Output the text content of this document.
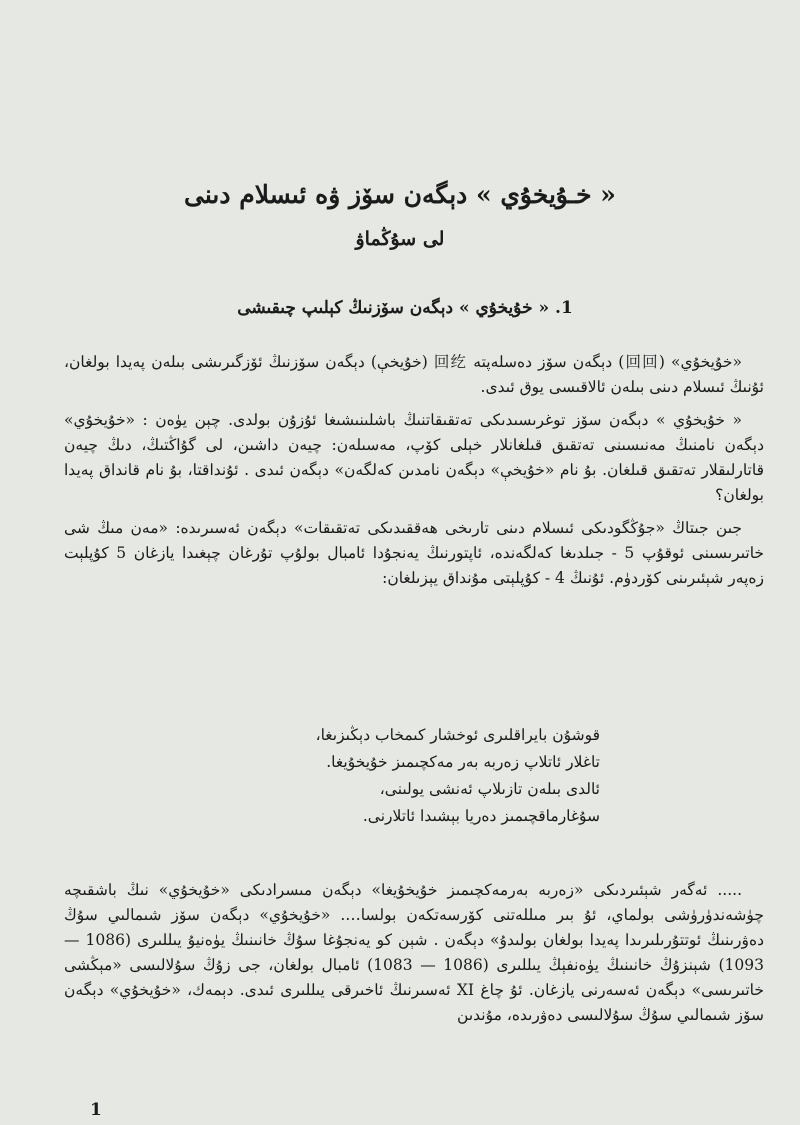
« خـۇيخۇي » دېگەن سۆز ۋە ئىسلام دىنى
لى سۇڭماۋ
1. « خۇيخۇي » دېگەن سۆزنىڭ كېلىپ چىقىشى

«خۇيخۇي» (回回) دېگەن سۆز دەسلەپتە 回纥 (خۇيخې) دېگەن سۆزنىڭ ئۆزگىرىشى بىلەن پەيدا بولغان، ئۇنىڭ ئىسلام دىنى بىلەن ئالاقىسى يوق ئىدى.

« خۇيخۇي » دېگەن سۆز توغرىسىدىكى تەتقىقاتنىڭ باشلىنىشىغا ئۇزۇن بولدى. چېن يۈەن : «خۇيخۇي» دېگەن نامنىڭ مەنىسىنى تەتقىق قىلغانلار خېلى كۆپ، مەسىلەن: چيەن داشىن، لى گۇاڭتىڭ، دىڭ چيەن قاتارلىقلار تەتقىق قىلغان. بۇ نام «خۇيخې» دېگەن نامدىن كەلگەن» دېگەن ئىدى . ئۇنداقتا، بۇ نام قانداق پەيدا بولغان؟

جىن جىتاڭ «جۇڭگودىكى ئىسلام دىنى تارىخى ھەققىدىكى تەتقىقات» دېگەن ئەسىرىدە: «مەن مىڭ شى خاتىرىسىنى ئوقۇپ 5 - جىلدىغا كەلگەندە، ئاپتورنىڭ يەنجۇدا ئامبال بولۇپ تۇرغان چېغىدا يازغان 5 كۇپلېت زەپەر شېئىرىنى كۆردۈم. ئۇنىڭ 4 - كۇپلېتى مۇنداق يېزىلغان:

قوشۇن بايراقلىرى ئوخشار كىمخاب دېڭىزىغا،
تاغلار ئاتلاپ زەربە بەر مەكچىمىز خۇيخۇيغا.
ئالدى بىلەن تازىلاپ ئەنشى يولىنى،
سۇغارماقچىمىز دەريا بېشىدا ئاتلارنى.

..... ئەگەر شېئىردىكى «زەربە بەرمەكچىمىز خۇيخۇيغا» دېگەن مىسرادىكى «خۇيخۇي» نىڭ باشقىچە چۈشەندۈرۈشى بولماي، ئۇ بىر مىللەتنى كۆرسەتكەن بولسا…. «خۇيخۇي» دېگەن سۆز شىمالىي سۇڭ دەۋرىنىڭ ئوتتۇرىلىرىدا پەيدا بولغان بولىدۇ» دېگەن . شېن كو يەنجۇغا سۇڭ خانىنىڭ يۈەنيۇ يىللىرى (1086 — 1093) شېنزۇڭ خانىنىڭ يۈەنفېڭ يىللىرى (1086 — 1083) ئامبال بولغان، جى زۇڭ سۇلالىسى «مېڭشى خاتىرىسى» دېگەن ئەسەرنى يازغان. ئۇ چاغ XI ئەسىرنىڭ ئاخىرقى يىللىرى ئىدى. دېمەك، «خۇيخۇي» دېگەن سۆز شىمالىي سۇڭ سۇلالىسى دەۋرىدە، مۇندىن

1
